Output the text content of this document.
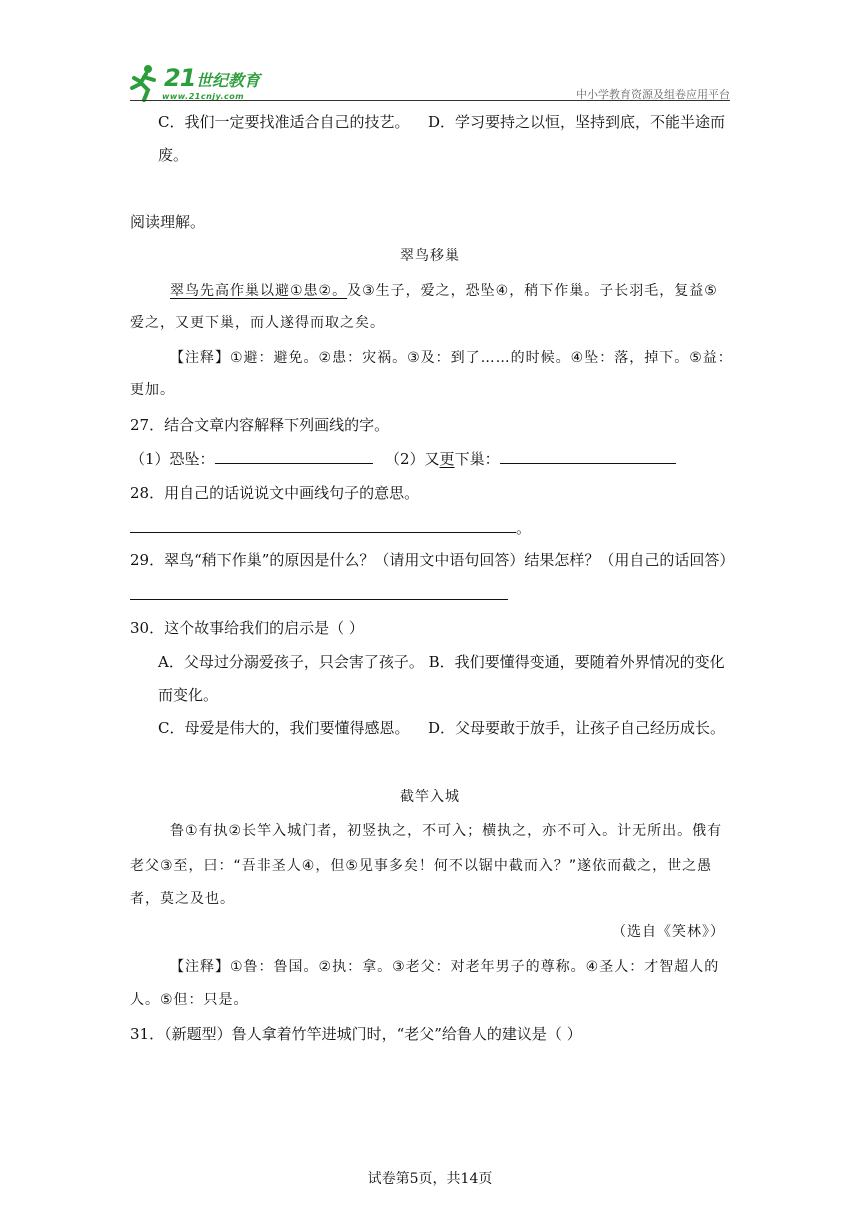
21 世纪教育
www.21cnjy.com	中小学教育资源及组卷应用平台
C．我们一定要找准适合自己的技艺。 D．学习要持之以恒，坚持到底，不能半途而
废。
阅读理解。
翠鸟移巢
翠鸟先高作巢以避①患②。及③生子，爱之，恐坠④，稍下作巢。子长羽毛，复益⑤
爱之，又更下巢，而人遂得而取之矣。
【注释】①避：避免。②患：灾祸。③及：到了……的时候。④坠：落，掉下。⑤益：
更加。
27．结合文章内容解释下列画线的字。
（1）恐坠：	（2）又更下巢：
28．用自己的话说说文中画线句子的意思。
。
29．翠鸟“稍下作巢”的原因是什么？（请用文中语句回答）结果怎样？（用自己的话回答）
30．这个故事给我们的启示是（ ）
A．父母过分溺爱孩子，只会害了孩子。 B．我们要懂得变通，要随着外界情况的变化
而变化。
C．母爱是伟大的，我们要懂得感恩。 D．父母要敢于放手，让孩子自己经历成长。
截竿入城
鲁①有执②长竿入城门者，初竖执之，不可入；横执之，亦不可入。计无所出。俄有
老父③至，曰：“吾非圣人④，但⑤见事多矣！何不以锯中截而入？”遂依而截之，世之愚
者，莫之及也。
（选自《笑林》）
【注释】①鲁：鲁国。②执：拿。③老父：对老年男子的尊称。④圣人：才智超人的
人。⑤但：只是。
31．（新题型）鲁人拿着竹竿进城门时，“老父”给鲁人的建议是（ ）
试卷第5页，共14页
